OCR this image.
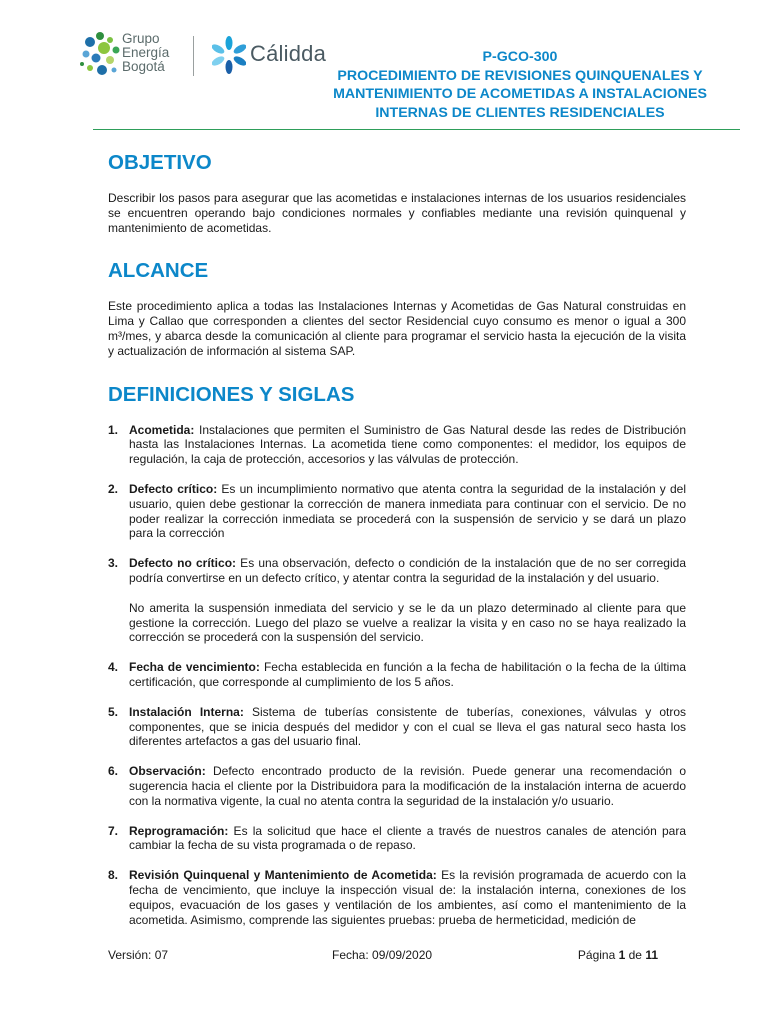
Grupo
Energía
Bogotá
Cálidda	P-GCO-300
PROCEDIMIENTO DE REVISIONES QUINQUENALES Y
MANTENIMIENTO DE ACOMETIDAS A INSTALACIONES
INTERNAS DE CLIENTES RESIDENCIALES
OBJETIVO

Describir los pasos para asegurar que las acometidas e instalaciones internas de los usuarios residenciales se encuentren operando bajo condiciones normales y confiables mediante una revisión quinquenal y mantenimiento de acometidas.

ALCANCE

Este procedimiento aplica a todas las Instalaciones Internas y Acometidas de Gas Natural construidas en Lima y Callao que corresponden a clientes del sector Residencial cuyo consumo es menor o igual a 300 m³/mes, y abarca desde la comunicación al cliente para programar el servicio hasta la ejecución de la visita y actualización de información al sistema SAP.

DEFINICIONES Y SIGLAS
1. Acometida: Instalaciones que permiten el Suministro de Gas Natural desde las redes de Distribución hasta las Instalaciones Internas. La acometida tiene como componentes: el medidor, los equipos de regulación, la caja de protección, accesorios y las válvulas de protección.
2. Defecto crítico: Es un incumplimiento normativo que atenta contra la seguridad de la instalación y del usuario, quien debe gestionar la corrección de manera inmediata para continuar con el servicio. De no poder realizar la corrección inmediata se procederá con la suspensión de servicio y se dará un plazo para la corrección
3. Defecto no crítico: Es una observación, defecto o condición de la instalación que de no ser corregida podría convertirse en un defecto crítico, y atentar contra la seguridad de la instalación y del usuario.
No amerita la suspensión inmediata del servicio y se le da un plazo determinado al cliente para que gestione la corrección. Luego del plazo se vuelve a realizar la visita y en caso no se haya realizado la corrección se procederá con la suspensión del servicio.
4. Fecha de vencimiento: Fecha establecida en función a la fecha de habilitación o la fecha de la última certificación, que corresponde al cumplimiento de los 5 años.
5. Instalación Interna: Sistema de tuberías consistente de tuberías, conexiones, válvulas y otros componentes, que se inicia después del medidor y con el cual se lleva el gas natural seco hasta los diferentes artefactos a gas del usuario final.
6. Observación: Defecto encontrado producto de la revisión. Puede generar una recomendación o sugerencia hacia el cliente por la Distribuidora para la modificación de la instalación interna de acuerdo con la normativa vigente, la cual no atenta contra la seguridad de la instalación y/o usuario.
7. Reprogramación: Es la solicitud que hace el cliente a través de nuestros canales de atención para cambiar la fecha de su vista programada o de repaso.
8. Revisión Quinquenal y Mantenimiento de Acometida: Es la revisión programada de acuerdo con la fecha de vencimiento, que incluye la inspección visual de: la instalación interna, conexiones de los equipos, evacuación de los gases y ventilación de los ambientes, así como el mantenimiento de la acometida. Asimismo, comprende las siguientes pruebas: prueba de hermeticidad, medición de
Versión: 07	Fecha: 09/09/2020	Página 1 de 11
